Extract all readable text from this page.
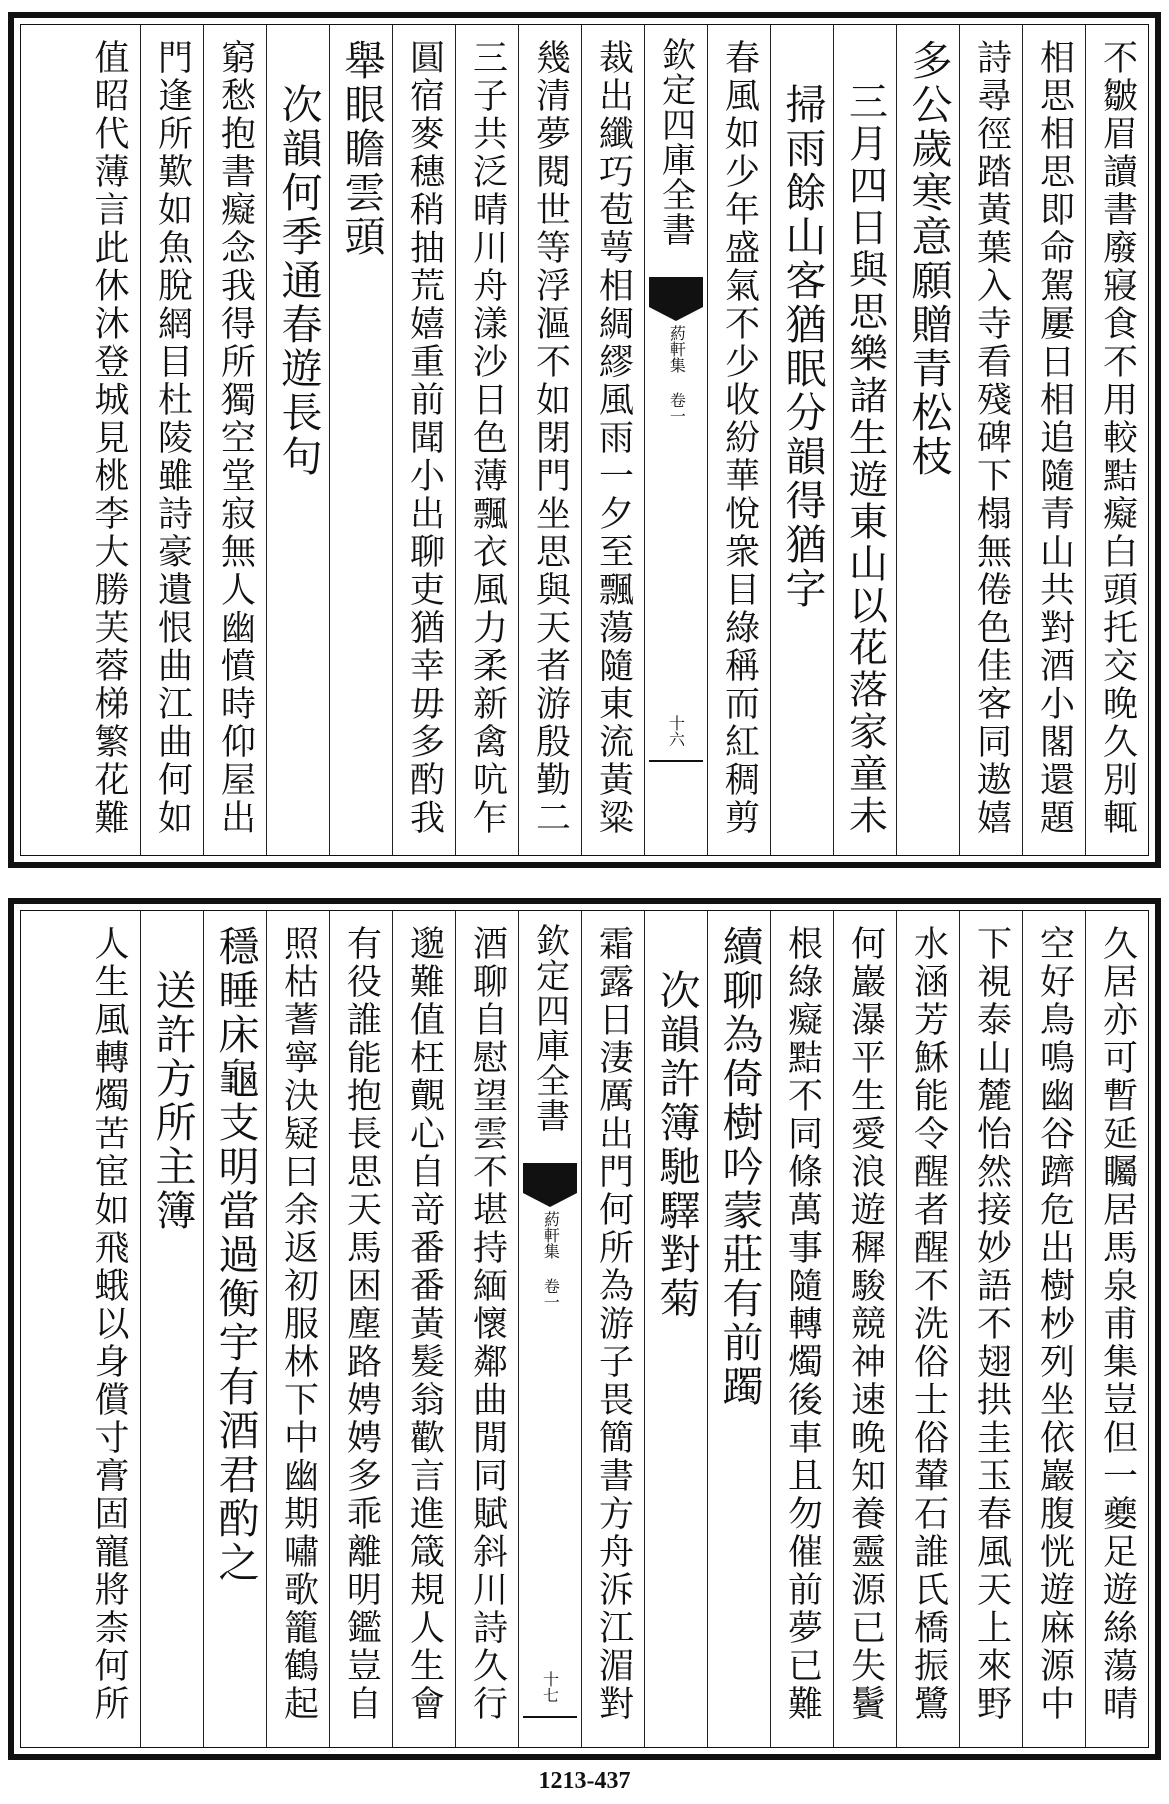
不皺眉讀書廢寢食不用較黠癡白頭托交晚久別輒
相思相思即命駕屢日相追隨青山共對酒小閣還題
詩尋徑踏黃葉入寺看殘碑下榻無倦色佳客同遨嬉
多公歲寒意願贈青松枝
　三月四日與思樂諸生遊東山以花落家童未
　掃雨餘山客猶眠分韻得猶字
春風如少年盛氣不少收紛華悅衆目綠稱而紅稠剪
欽定四庫全書
葯軒集 卷一
十六
裁出纖巧苞萼相綢繆風雨一夕至飄蕩隨東流黃粱
幾清夢閱世等浮漚不如閉門坐思與天者游殷勤二
三子共泛晴川舟漾沙日色薄飄衣風力柔新禽吭乍
圓宿麥穗稍抽荒嬉重前聞小出聊吏猶幸毋多酌我
舉眼瞻雲頭
　次韻何季通春遊長句
窮愁抱書癡念我得所獨空堂寂無人幽憤時仰屋出
門逢所歎如魚脫網目杜陵雖詩豪遺恨曲江曲何如
值昭代薄言此休沐登城見桃李大勝芙蓉梯繁花難
久居亦可暫延矚居馬泉甫集豈但一夔足遊絲蕩晴
空好鳥鳴幽谷躋危出樹杪列坐依巖腹恍遊麻源中
下視泰山麓怡然接妙語不翅拱圭玉春風天上來野
水涵芳穌能令醒者醒不洗俗士俗輦石誰氏橋振鷺
何巖瀑平生愛浪遊穉駿競神速晚知養靈源已失鬢
根綠癡黠不同條萬事隨轉燭後車且勿催前夢已難
續聊為倚樹吟蒙莊有前躅
　次韻許簿馳驛對菊
霜露日淒厲出門何所為游子畏簡書方舟泝江湄對
欽定四庫全書
葯軒集 卷一
十七
酒聊自慰望雲不堪持緬懷鄰曲閒同賦斜川詩久行
邈難值枉覿心自竒番番黃髮翁歡言進箴規人生會
有役誰能抱長思天馬困塵路娉娉多乖離明鑑豈自
照枯蓍寧決疑曰余返初服林下中幽期嘯歌籠鶴起
穩睡床龜支明當過衡宇有酒君酌之
　送許方所主簿
人生風轉燭苦宦如飛蛾以身償寸膏固寵將柰何所
1213-437
